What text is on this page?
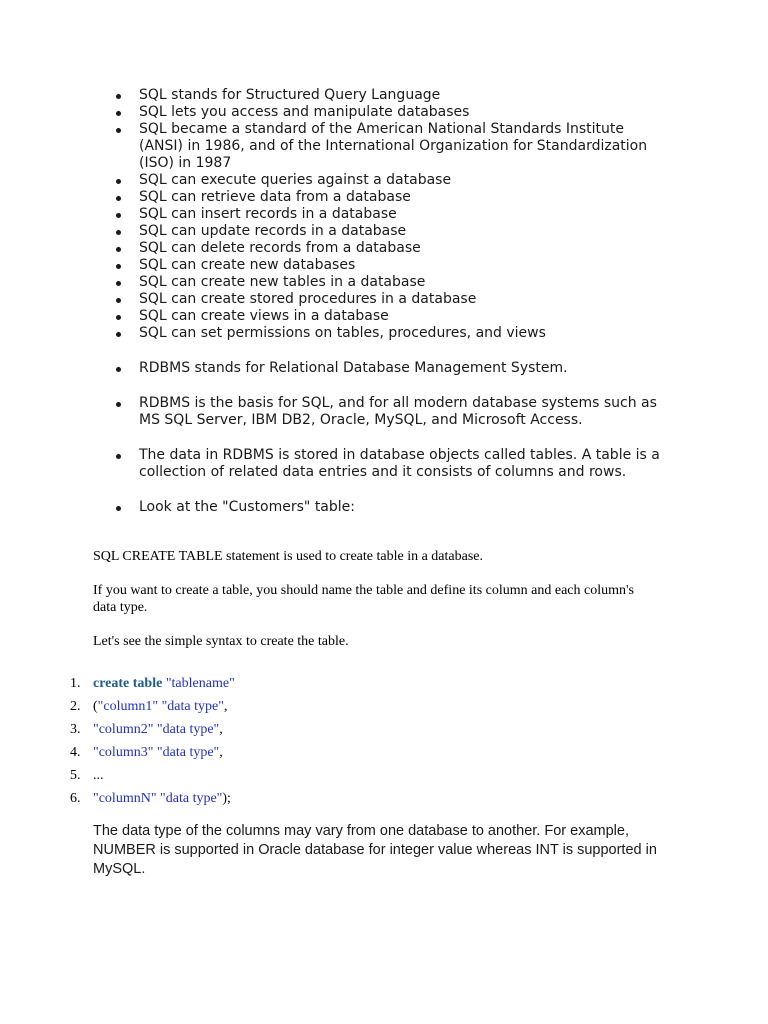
SQL stands for Structured Query Language
SQL lets you access and manipulate databases
SQL became a standard of the American National Standards Institute (ANSI) in 1986, and of the International Organization for Standardization (ISO) in 1987
SQL can execute queries against a database
SQL can retrieve data from a database
SQL can insert records in a database
SQL can update records in a database
SQL can delete records from a database
SQL can create new databases
SQL can create new tables in a database
SQL can create stored procedures in a database
SQL can create views in a database
SQL can set permissions on tables, procedures, and views
RDBMS stands for Relational Database Management System.
RDBMS is the basis for SQL, and for all modern database systems such as MS SQL Server, IBM DB2, Oracle, MySQL, and Microsoft Access.
The data in RDBMS is stored in database objects called tables. A table is a collection of related data entries and it consists of columns and rows.
Look at the "Customers" table:

SQL CREATE TABLE statement is used to create table in a database.

If you want to create a table, you should name the table and define its column and each column's data type.

Let's see the simple syntax to create the table.

1. create table "tablename"
2. ("column1" "data type",
3. "column2" "data type",
4. "column3" "data type",
5. ...
6. "columnN" "data type");

The data type of the columns may vary from one database to another. For example, NUMBER is supported in Oracle database for integer value whereas INT is supported in MySQL.
